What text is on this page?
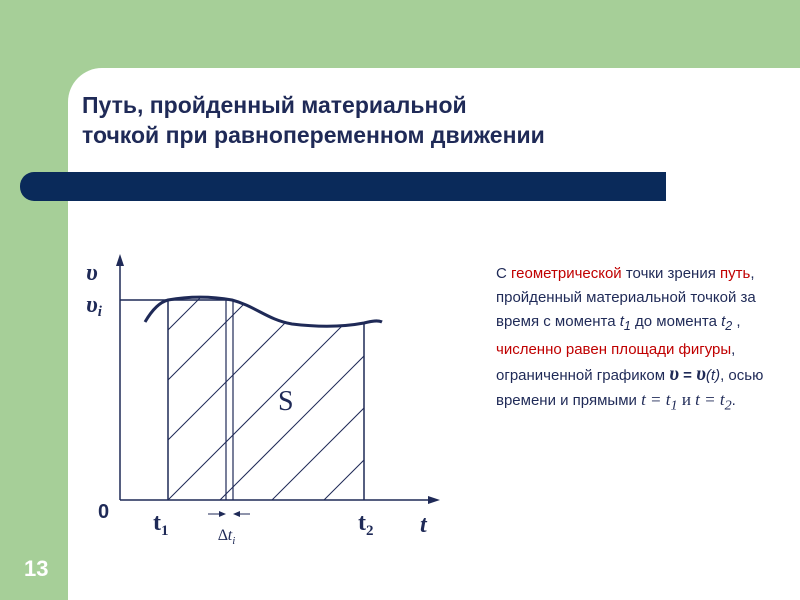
Путь, пройденный материальной
точкой при равнопеременном движении
υ
υi
0 $t_1$	$t_2$ t
$\Delta t_i$
S
С геометрической точки зрения путь, пройденный материальной точкой за время с момента $t_1$ до момента $t_2$ , численно равен площади фигуры, ограниченной графиком υ = υ(t), осью времени и прямыми $t = t_1$ и $t = t_2$.
13
